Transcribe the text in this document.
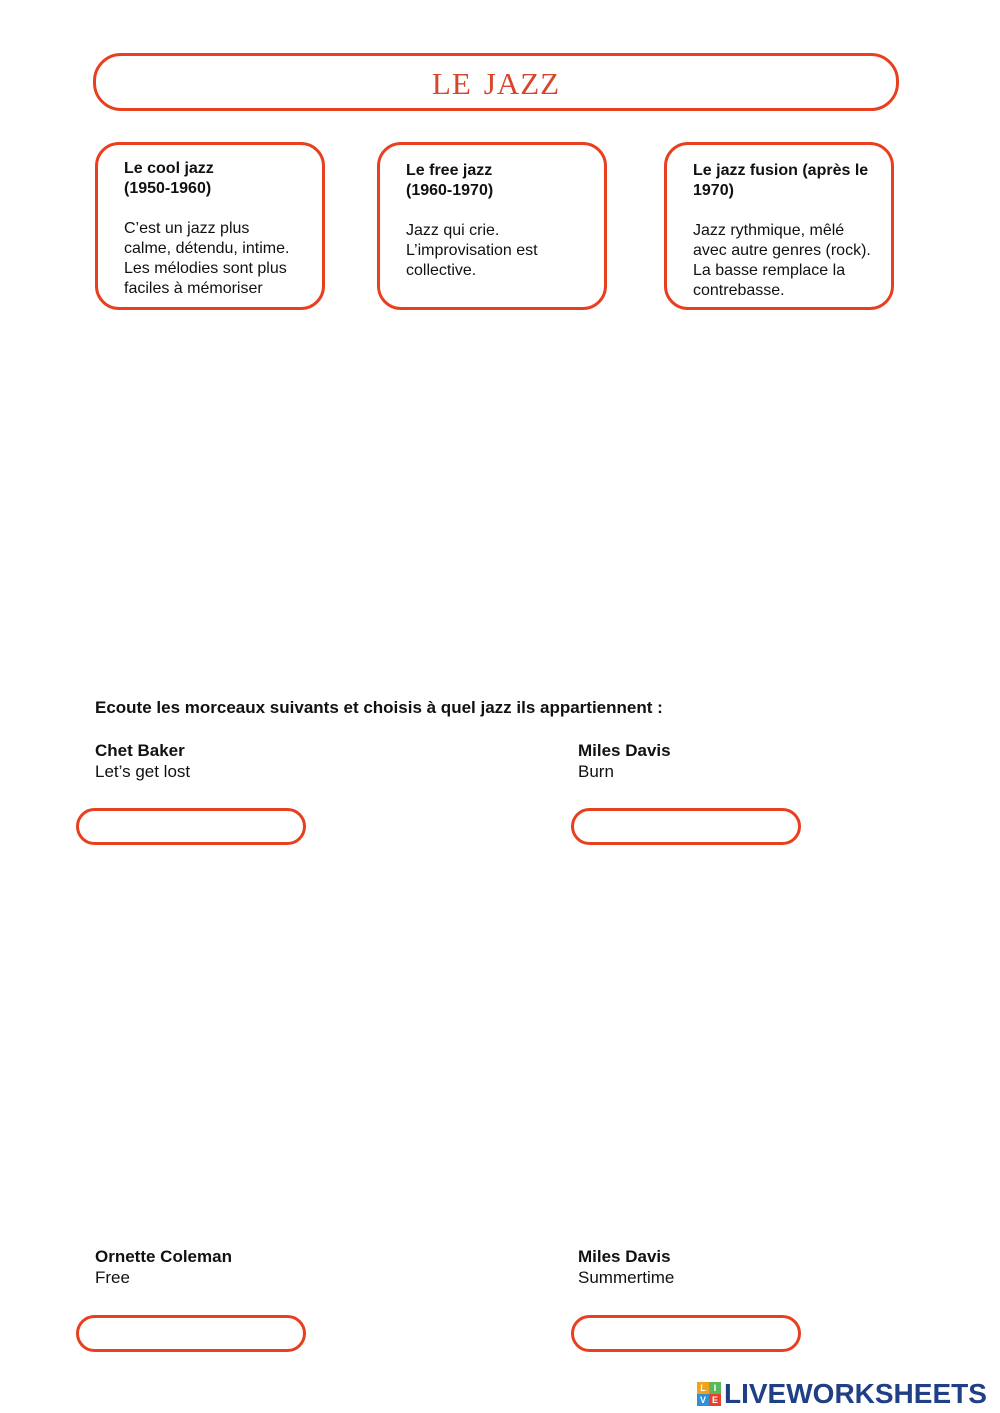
le jazz

Le cool jazz
(1950-1960)

C’est un jazz plus
calme, détendu, intime.
Les mélodies sont plus
faciles à mémoriser

Le free jazz
(1960-1970)

Jazz qui crie.
L’improvisation est
collective.

Le jazz fusion (après le
1970)

Jazz rythmique, mêlé
avec autre genres (rock).
La basse remplace la
contrebasse.

Ecoute les morceaux suivants et choisis à quel jazz ils appartiennent :
Chet Baker
Let’s get lost
Miles Davis
Burn
Ornette Coleman
Free
Miles Davis
Summertime
L I
V E LIVEWORKSHEETS
